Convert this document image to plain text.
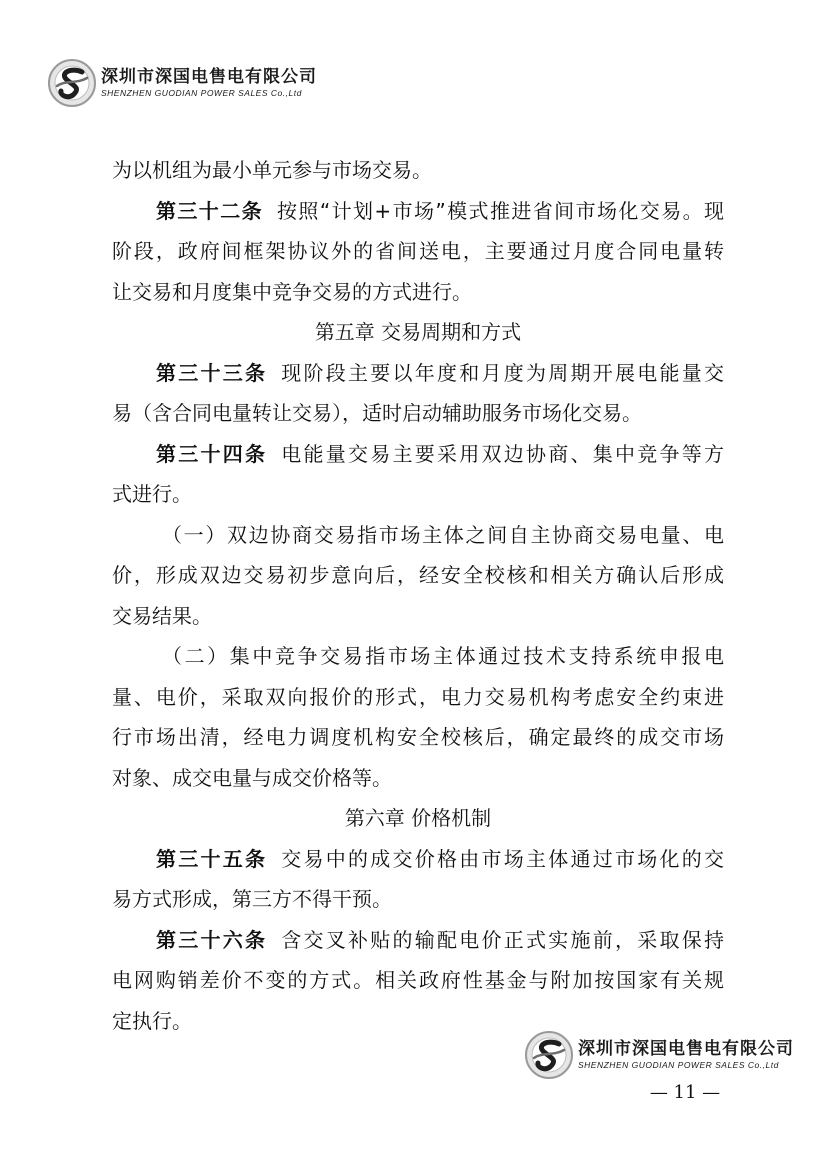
深圳市深国电售电有限公司
SHENZHEN GUODIAN POWER SALES Co.,Ltd
为以机组为最小单元参与市场交易。
第三十二条 按照“计划+市场”模式推进省间市场化交易。现
阶段，政府间框架协议外的省间送电，主要通过月度合同电量转
让交易和月度集中竞争交易的方式进行。
第五章 交易周期和方式
第三十三条 现阶段主要以年度和月度为周期开展电能量交
易（含合同电量转让交易），适时启动辅助服务市场化交易。
第三十四条 电能量交易主要采用双边协商、集中竞争等方
式进行。
（一）双边协商交易指市场主体之间自主协商交易电量、电
价，形成双边交易初步意向后，经安全校核和相关方确认后形成
交易结果。
（二）集中竞争交易指市场主体通过技术支持系统申报电
量、电价，采取双向报价的形式，电力交易机构考虑安全约束进
行市场出清，经电力调度机构安全校核后，确定最终的成交市场
对象、成交电量与成交价格等。
第六章 价格机制
第三十五条 交易中的成交价格由市场主体通过市场化的交
易方式形成，第三方不得干预。
第三十六条 含交叉补贴的输配电价正式实施前，采取保持
电网购销差价不变的方式。相关政府性基金与附加按国家有关规
定执行。
深圳市深国电售电有限公司
SHENZHEN GUODIAN POWER SALES Co.,Ltd
— 11 —
